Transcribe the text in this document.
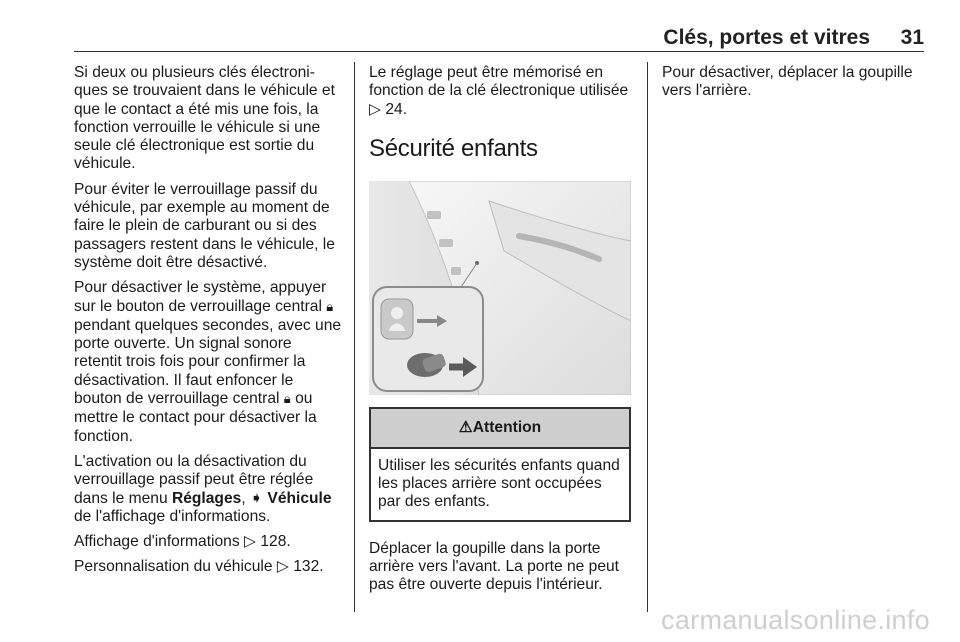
Clés, portes et vitres 31

Si deux ou plusieurs clés électroni-ques se trouvaient dans le véhicule et que le contact a été mis une fois, la fonction verrouille le véhicule si une seule clé électronique est sortie du véhicule.

Pour éviter le verrouillage passif du véhicule, par exemple au moment de faire le plein de carburant ou si des passagers restent dans le véhicule, le système doit être désactivé.

Pour désactiver le système, appuyer sur le bouton de verrouillage central 🔒︎ pendant quelques secondes, avec une porte ouverte. Un signal sonore retentit trois fois pour confirmer la désactivation. Il faut enfoncer le bouton de verrouillage central 🔒︎ ou mettre le contact pour désactiver la fonction.

L'activation ou la désactivation du verrouillage passif peut être réglée dans le menu Réglages, ➧ Véhicule de l'affichage d'informations.

Affichage d'informations ▷ 128.

Personnalisation du véhicule ▷ 132.

Le réglage peut être mémorisé en fonction de la clé électronique utilisée ▷ 24.

Sécurité enfants
⚠Attention
Utiliser les sécurités enfants quand les places arrière sont occupées par des enfants.

Déplacer la goupille dans la porte arrière vers l'avant. La porte ne peut pas être ouverte depuis l'intérieur.

Pour désactiver, déplacer la goupille vers l'arrière.

carmanualsonline.info
